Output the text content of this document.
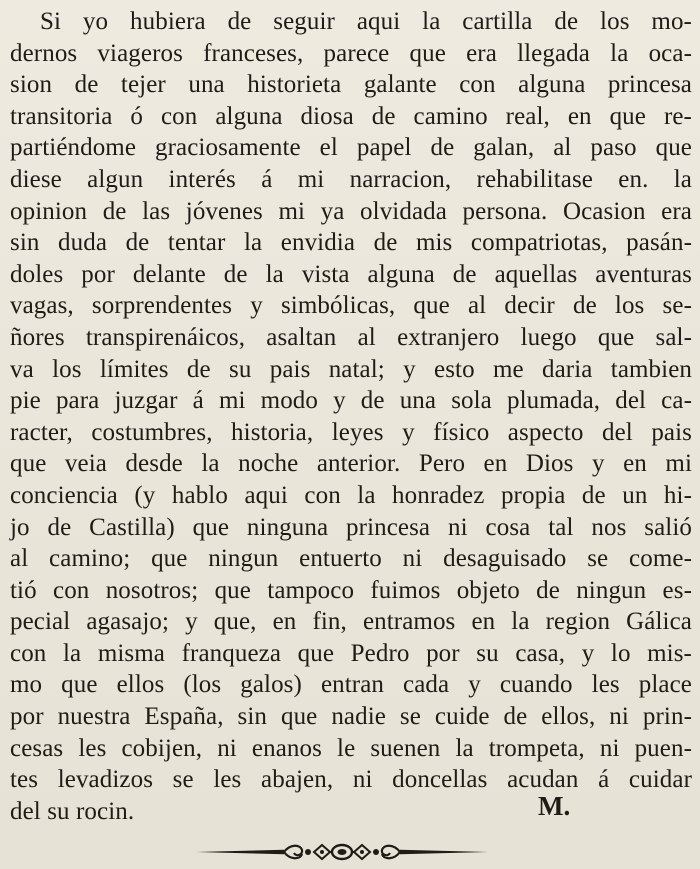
Si yo hubiera de seguir aqui la cartilla de los mo-
dernos viageros franceses, parece que era llegada la oca-
sion de tejer una historieta galante con alguna princesa
transitoria ó con alguna diosa de camino real, en que re-
partiéndome graciosamente el papel de galan, al paso que
diese algun interés á mi narracion, rehabilitase en. la
opinion de las jóvenes mi ya olvidada persona. Ocasion era
sin duda de tentar la envidia de mis compatriotas, pasán-
doles por delante de la vista alguna de aquellas aventuras
vagas, sorprendentes y simbólicas, que al decir de los se-
ñores transpirenáicos, asaltan al extranjero luego que sal-
va los límites de su pais natal; y esto me daria tambien
pie para juzgar á mi modo y de una sola plumada, del ca-
racter, costumbres, historia, leyes y físico aspecto del pais
que veia desde la noche anterior. Pero en Dios y en mi
conciencia (y hablo aqui con la honradez propia de un hi-
jo de Castilla) que ninguna princesa ni cosa tal nos salió
al camino; que ningun entuerto ni desaguisado se come-
tió con nosotros; que tampoco fuimos objeto de ningun es-
pecial agasajo; y que, en fin, entramos en la region Gálica
con la misma franqueza que Pedro por su casa, y lo mis-
mo que ellos (los galos) entran cada y cuando les place
por nuestra España, sin que nadie se cuide de ellos, ni prin-
cesas les cobijen, ni enanos le suenen la trompeta, ni puen-
tes levadizos se les abajen, ni doncellas acudan á cuidar
del su rocin.	M.
